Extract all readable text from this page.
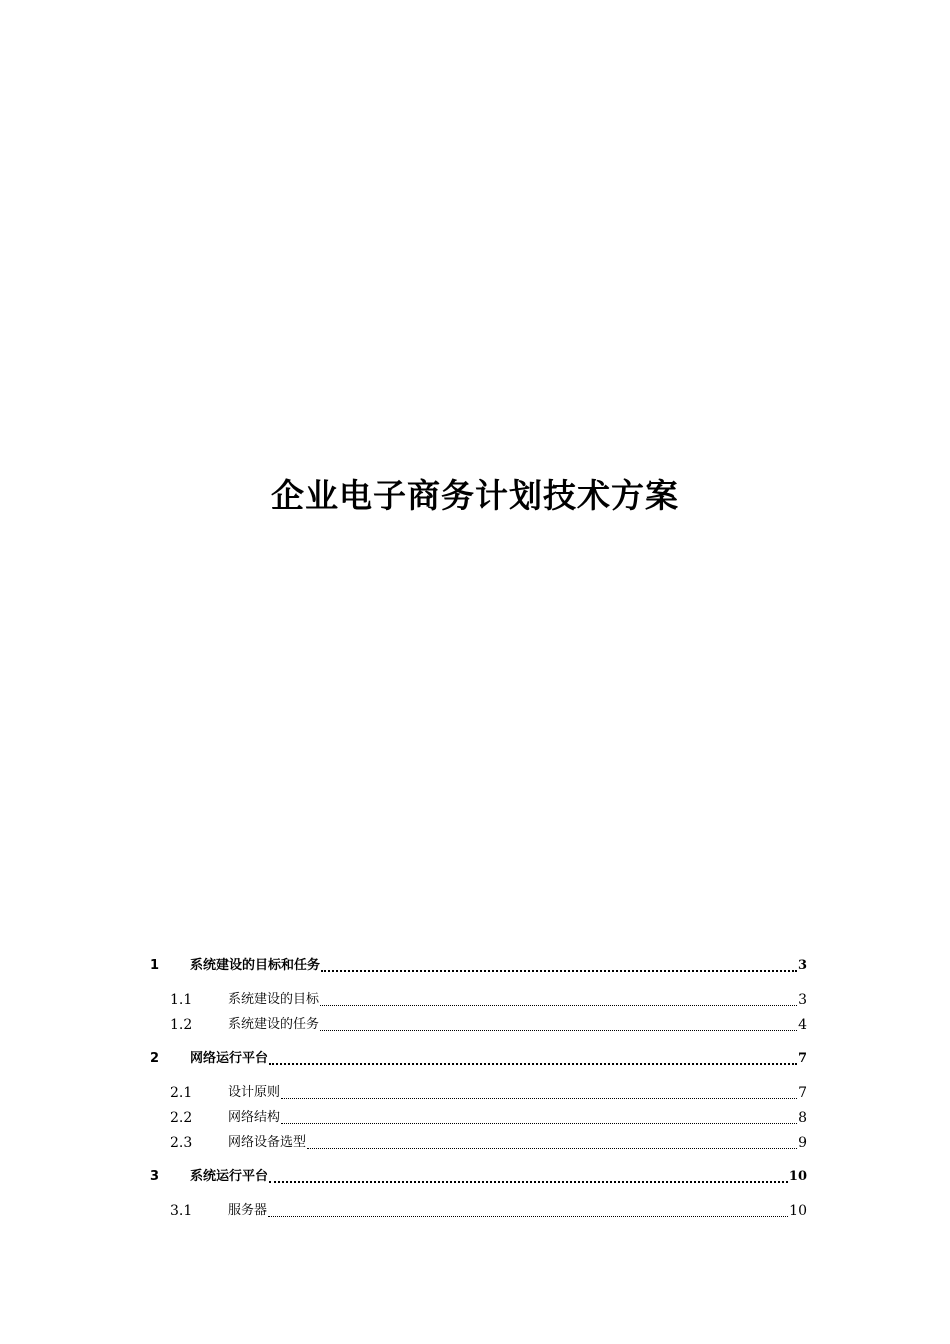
企业电子商务计划技术方案
1	系统建设的目标和任务	3
1.1	系统建设的目标	3
1.2	系统建设的任务	4
2	网络运行平台	7
2.1	设计原则	7
2.2	网络结构	8
2.3	网络设备选型	9
3	系统运行平台	10
3.1	服务器	10
